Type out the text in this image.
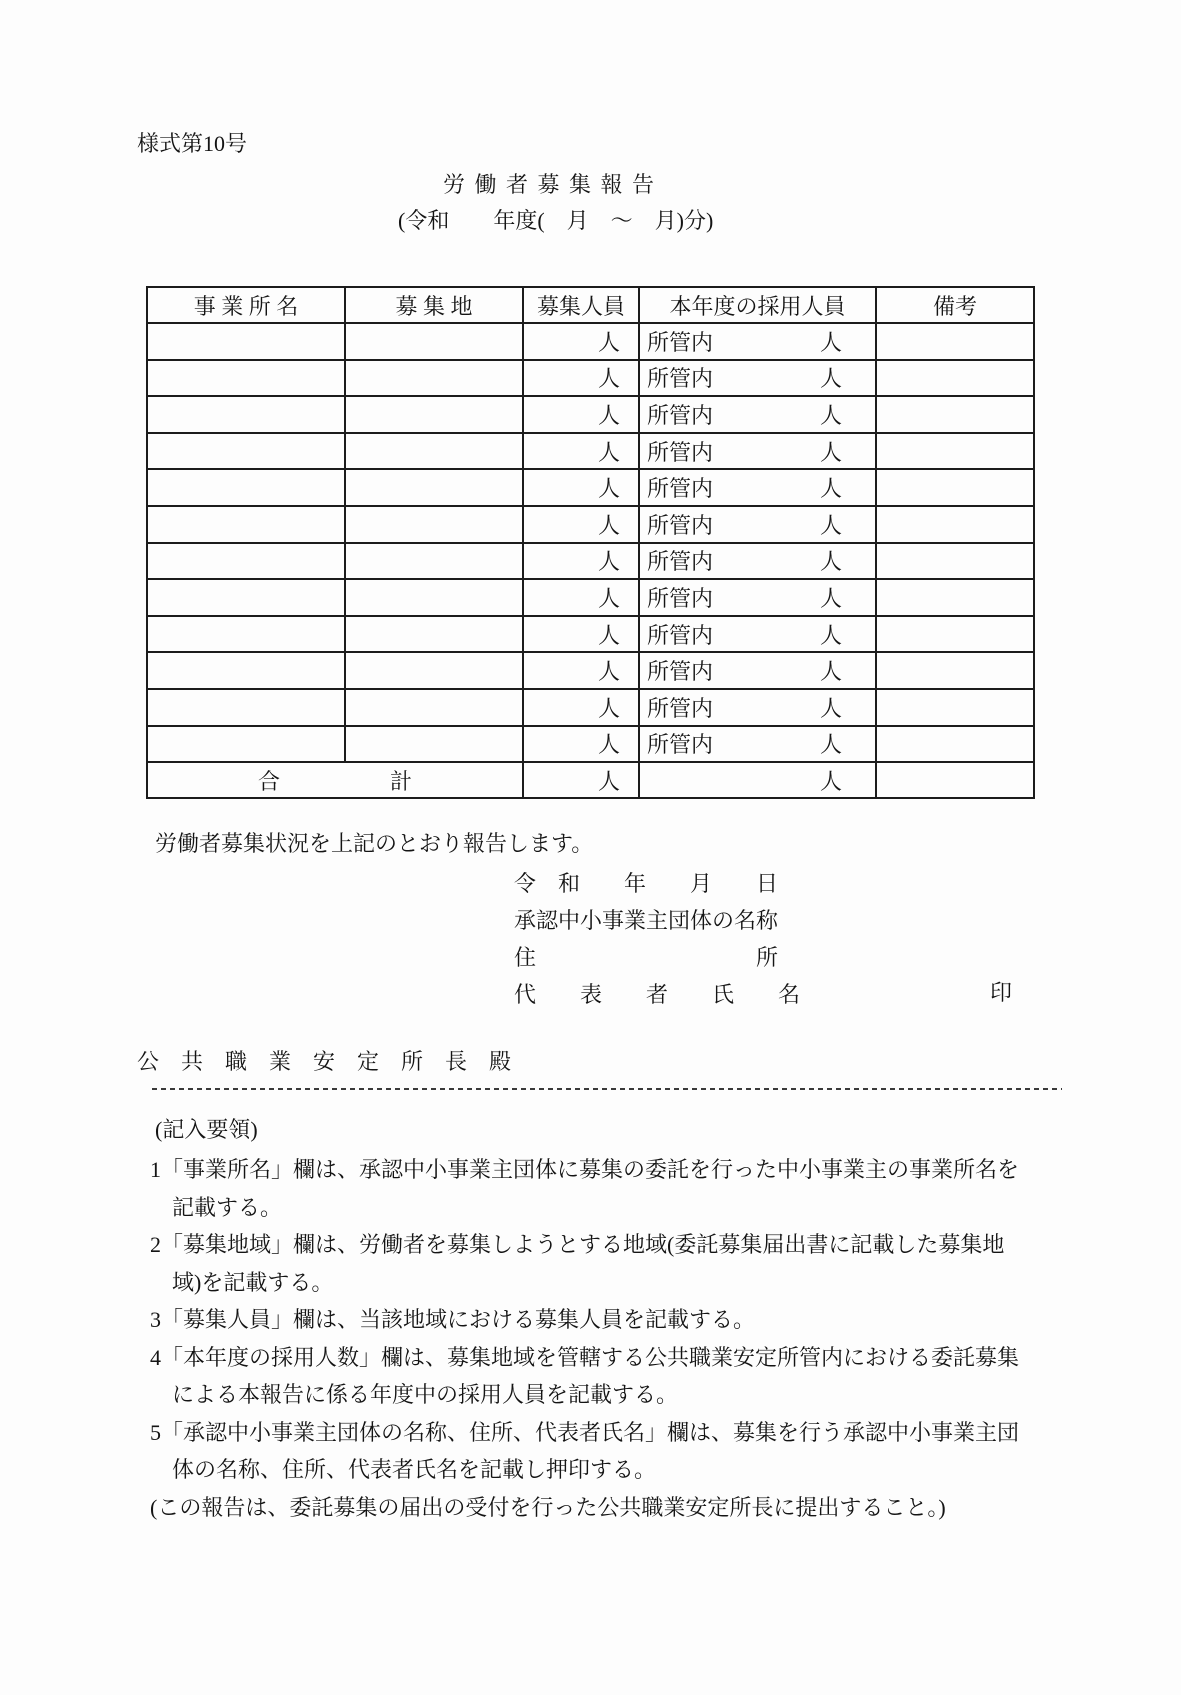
様式第10号
労 働 者 募 集 報 告
(令和　　年度(　月　～　月)分)
事 業 所 名	募 集 地	募集人員	本年度の採用人員	備考
		人	所管内 人	

		人	所管内 人	

		人	所管内 人	

		人	所管内 人	

		人	所管内 人	

		人	所管内 人	

		人	所管内 人	

		人	所管内 人	

		人	所管内 人	

		人	所管内 人	

		人	所管内 人	

		人	所管内 人	

合　　　　　計		人	人	
労働者募集状況を上記のとおり報告します。
令　和　　年　　月　　日
承認中小事業主団体の名称
住　　　　　　　　　　所
代　　表　　者　　氏　　名	印
公　共　職　業　安　定　所　長　殿
(記入要領)
1「事業所名」欄は、承認中小事業主団体に募集の委託を行った中小事業主の事業所名を
　記載する。
2「募集地域」欄は、労働者を募集しようとする地域(委託募集届出書に記載した募集地
　域)を記載する。
3「募集人員」欄は、当該地域における募集人員を記載する。
4「本年度の採用人数」欄は、募集地域を管轄する公共職業安定所管内における委託募集
　による本報告に係る年度中の採用人員を記載する。
5「承認中小事業主団体の名称、住所、代表者氏名」欄は、募集を行う承認中小事業主団
　体の名称、住所、代表者氏名を記載し押印する。
(この報告は、委託募集の届出の受付を行った公共職業安定所長に提出すること。)
